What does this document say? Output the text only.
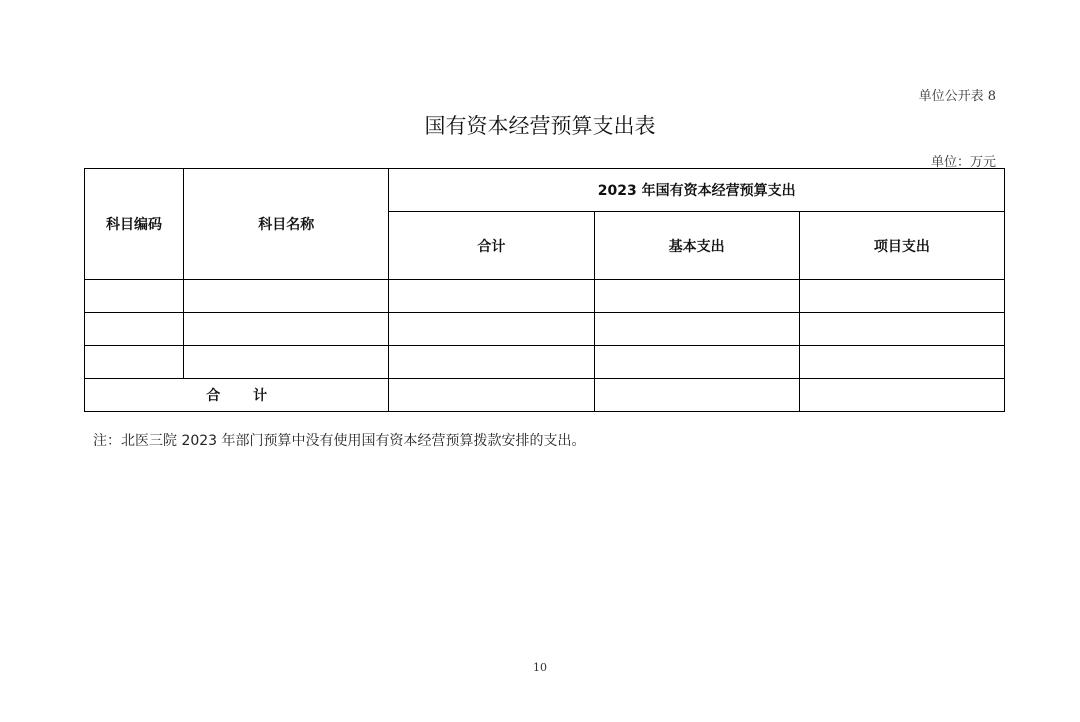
单位公开表 8
国有资本经营预算支出表
单位：万元
科目编码	科目名称	2023 年国有资本经营预算支出		
		合计	基本支出	项目支出

合 计				
注：北医三院 2023 年部门预算中没有使用国有资本经营预算拨款安排的支出。
10
